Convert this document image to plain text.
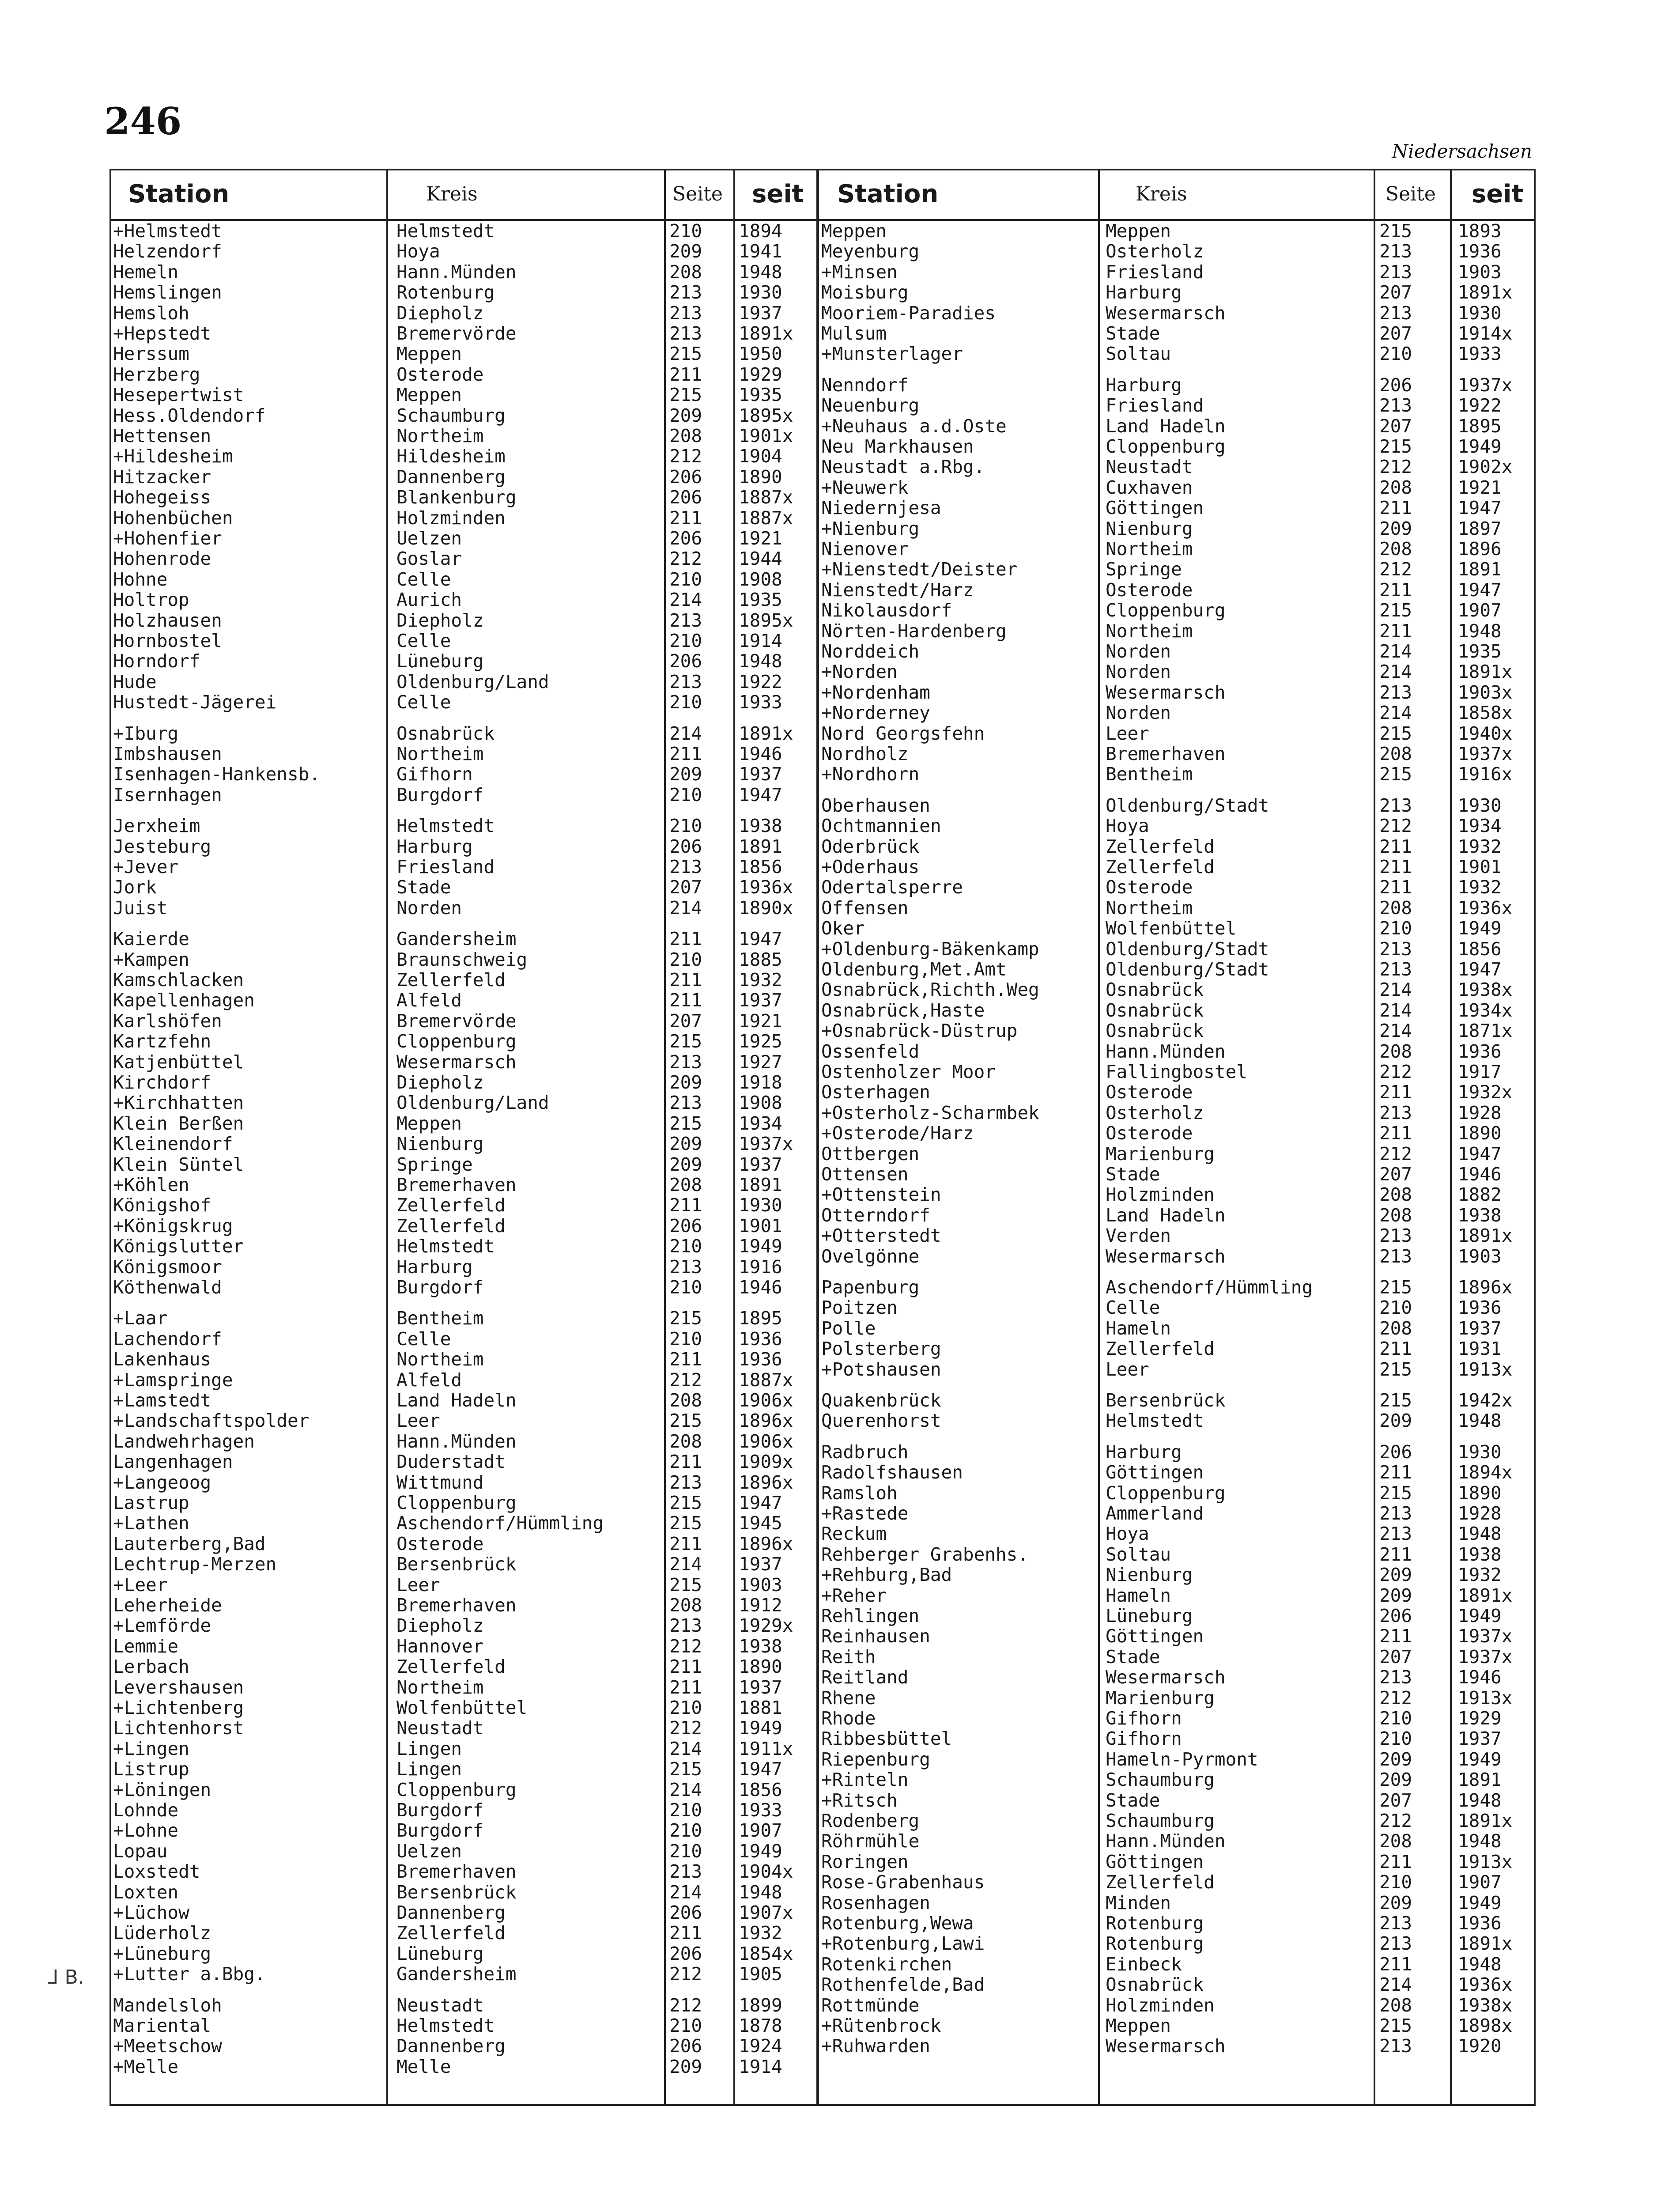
246
Niedersachsen
⅃ B.
Station	Kreis	Seite seit	Station	Kreis	Seite seit
+Helmstedt	Helmstedt	210	1894
Helzendorf	Hoya	209	1941
Hemeln	Hann.Münden	208	1948
Hemslingen	Rotenburg	213	1930
Hemsloh	Diepholz	213	1937
+Hepstedt	Bremervörde	213	1891x
Herssum	Meppen	215	1950
Herzberg	Osterode	211	1929
Hesepertwist	Meppen	215	1935
Hess.Oldendorf	Schaumburg	209	1895x
Hettensen	Northeim	208	1901x
+Hildesheim	Hildesheim	212	1904
Hitzacker	Dannenberg	206	1890
Hohegeiss	Blankenburg	206	1887x
Hohenbüchen	Holzminden	211	1887x
+Hohenfier	Uelzen	206	1921
Hohenrode	Goslar	212	1944
Hohne	Celle	210	1908
Holtrop	Aurich	214	1935
Holzhausen	Diepholz	213	1895x
Hornbostel	Celle	210	1914
Horndorf	Lüneburg	206	1948
Hude	Oldenburg/Land	213	1922
Hustedt-Jägerei	Celle	210	1933
+Iburg	Osnabrück	214	1891x
Imbshausen	Northeim	211	1946
Isenhagen-Hankensb.	Gifhorn	209	1937
Isernhagen	Burgdorf	210	1947
Jerxheim	Helmstedt	210	1938
Jesteburg	Harburg	206	1891
+Jever	Friesland	213	1856
Jork	Stade	207	1936x
Juist	Norden	214	1890x
Kaierde	Gandersheim	211	1947
+Kampen	Braunschweig	210	1885
Kamschlacken	Zellerfeld	211	1932
Kapellenhagen	Alfeld	211	1937
Karlshöfen	Bremervörde	207	1921
Kartzfehn	Cloppenburg	215	1925
Katjenbüttel	Wesermarsch	213	1927
Kirchdorf	Diepholz	209	1918
+Kirchhatten	Oldenburg/Land	213	1908
Klein Berßen	Meppen	215	1934
Kleinendorf	Nienburg	209	1937x
Klein Süntel	Springe	209	1937
+Köhlen	Bremerhaven	208	1891
Königshof	Zellerfeld	211	1930
+Königskrug	Zellerfeld	206	1901
Königslutter	Helmstedt	210	1949
Königsmoor	Harburg	213	1916
Köthenwald	Burgdorf	210	1946
+Laar	Bentheim	215	1895
Lachendorf	Celle	210	1936
Lakenhaus	Northeim	211	1936
+Lamspringe	Alfeld	212	1887x
+Lamstedt	Land Hadeln	208	1906x
+Landschaftspolder	Leer	215	1896x
Landwehrhagen	Hann.Münden	208	1906x
Langenhagen	Duderstadt	211	1909x
+Langeoog	Wittmund	213	1896x
Lastrup	Cloppenburg	215	1947
+Lathen	Aschendorf/Hümmling	215	1945
Lauterberg,Bad	Osterode	211	1896x
Lechtrup-Merzen	Bersenbrück	214	1937
+Leer	Leer	215	1903
Leherheide	Bremerhaven	208	1912
+Lemförde	Diepholz	213	1929x
Lemmie	Hannover	212	1938
Lerbach	Zellerfeld	211	1890
Levershausen	Northeim	211	1937
+Lichtenberg	Wolfenbüttel	210	1881
Lichtenhorst	Neustadt	212	1949
+Lingen	Lingen	214	1911x
Listrup	Lingen	215	1947
+Löningen	Cloppenburg	214	1856
Lohnde	Burgdorf	210	1933
+Lohne	Burgdorf	210	1907
Lopau	Uelzen	210	1949
Loxstedt	Bremerhaven	213	1904x
Loxten	Bersenbrück	214	1948
+Lüchow	Dannenberg	206	1907x
Lüderholz	Zellerfeld	211	1932
+Lüneburg	Lüneburg	206	1854x
+Lutter a.Bbg.	Gandersheim	212	1905
Mandelsloh	Neustadt	212	1899
Mariental	Helmstedt	210	1878
+Meetschow	Dannenberg	206	1924
+Melle	Melle	209	1914
Meppen	Meppen	215	1893
Meyenburg	Osterholz	213	1936
+Minsen	Friesland	213	1903
Moisburg	Harburg	207	1891x
Mooriem-Paradies	Wesermarsch	213	1930
Mulsum	Stade	207	1914x
+Munsterlager	Soltau	210	1933
Nenndorf	Harburg	206	1937x
Neuenburg	Friesland	213	1922
+Neuhaus a.d.Oste	Land Hadeln	207	1895
Neu Markhausen	Cloppenburg	215	1949
Neustadt a.Rbg.	Neustadt	212	1902x
+Neuwerk	Cuxhaven	208	1921
Niedernjesa	Göttingen	211	1947
+Nienburg	Nienburg	209	1897
Nienover	Northeim	208	1896
+Nienstedt/Deister	Springe	212	1891
Nienstedt/Harz	Osterode	211	1947
Nikolausdorf	Cloppenburg	215	1907
Nörten-Hardenberg	Northeim	211	1948
Norddeich	Norden	214	1935
+Norden	Norden	214	1891x
+Nordenham	Wesermarsch	213	1903x
+Norderney	Norden	214	1858x
Nord Georgsfehn	Leer	215	1940x
Nordholz	Bremerhaven	208	1937x
+Nordhorn	Bentheim	215	1916x
Oberhausen	Oldenburg/Stadt	213	1930
Ochtmannien	Hoya	212	1934
Oderbrück	Zellerfeld	211	1932
+Oderhaus	Zellerfeld	211	1901
Odertalsperre	Osterode	211	1932
Offensen	Northeim	208	1936x
Oker	Wolfenbüttel	210	1949
+Oldenburg-Bäkenkamp	Oldenburg/Stadt	213	1856
Oldenburg,Met.Amt	Oldenburg/Stadt	213	1947
Osnabrück,Richth.Weg	Osnabrück	214	1938x
Osnabrück,Haste	Osnabrück	214	1934x
+Osnabrück-Düstrup	Osnabrück	214	1871x
Ossenfeld	Hann.Münden	208	1936
Ostenholzer Moor	Fallingbostel	212	1917
Osterhagen	Osterode	211	1932x
+Osterholz-Scharmbek	Osterholz	213	1928
+Osterode/Harz	Osterode	211	1890
Ottbergen	Marienburg	212	1947
Ottensen	Stade	207	1946
+Ottenstein	Holzminden	208	1882
Otterndorf	Land Hadeln	208	1938
+Otterstedt	Verden	213	1891x
Ovelgönne	Wesermarsch	213	1903
Papenburg	Aschendorf/Hümmling	215	1896x
Poitzen	Celle	210	1936
Polle	Hameln	208	1937
Polsterberg	Zellerfeld	211	1931
+Potshausen	Leer	215	1913x
Quakenbrück	Bersenbrück	215	1942x
Querenhorst	Helmstedt	209	1948
Radbruch	Harburg	206	1930
Radolfshausen	Göttingen	211	1894x
Ramsloh	Cloppenburg	215	1890
+Rastede	Ammerland	213	1928
Reckum	Hoya	213	1948
Rehberger Grabenhs.	Soltau	211	1938
+Rehburg,Bad	Nienburg	209	1932
+Reher	Hameln	209	1891x
Rehlingen	Lüneburg	206	1949
Reinhausen	Göttingen	211	1937x
Reith	Stade	207	1937x
Reitland	Wesermarsch	213	1946
Rhene	Marienburg	212	1913x
Rhode	Gifhorn	210	1929
Ribbesbüttel	Gifhorn	210	1937
Riepenburg	Hameln-Pyrmont	209	1949
+Rinteln	Schaumburg	209	1891
+Ritsch	Stade	207	1948
Rodenberg	Schaumburg	212	1891x
Röhrmühle	Hann.Münden	208	1948
Roringen	Göttingen	211	1913x
Rose-Grabenhaus	Zellerfeld	210	1907
Rosenhagen	Minden	209	1949
Rotenburg,Wewa	Rotenburg	213	1936
+Rotenburg,Lawi	Rotenburg	213	1891x
Rotenkirchen	Einbeck	211	1948
Rothenfelde,Bad	Osnabrück	214	1936x
Rottmünde	Holzminden	208	1938x
+Rütenbrock	Meppen	215	1898x
+Ruhwarden	Wesermarsch	213	1920
